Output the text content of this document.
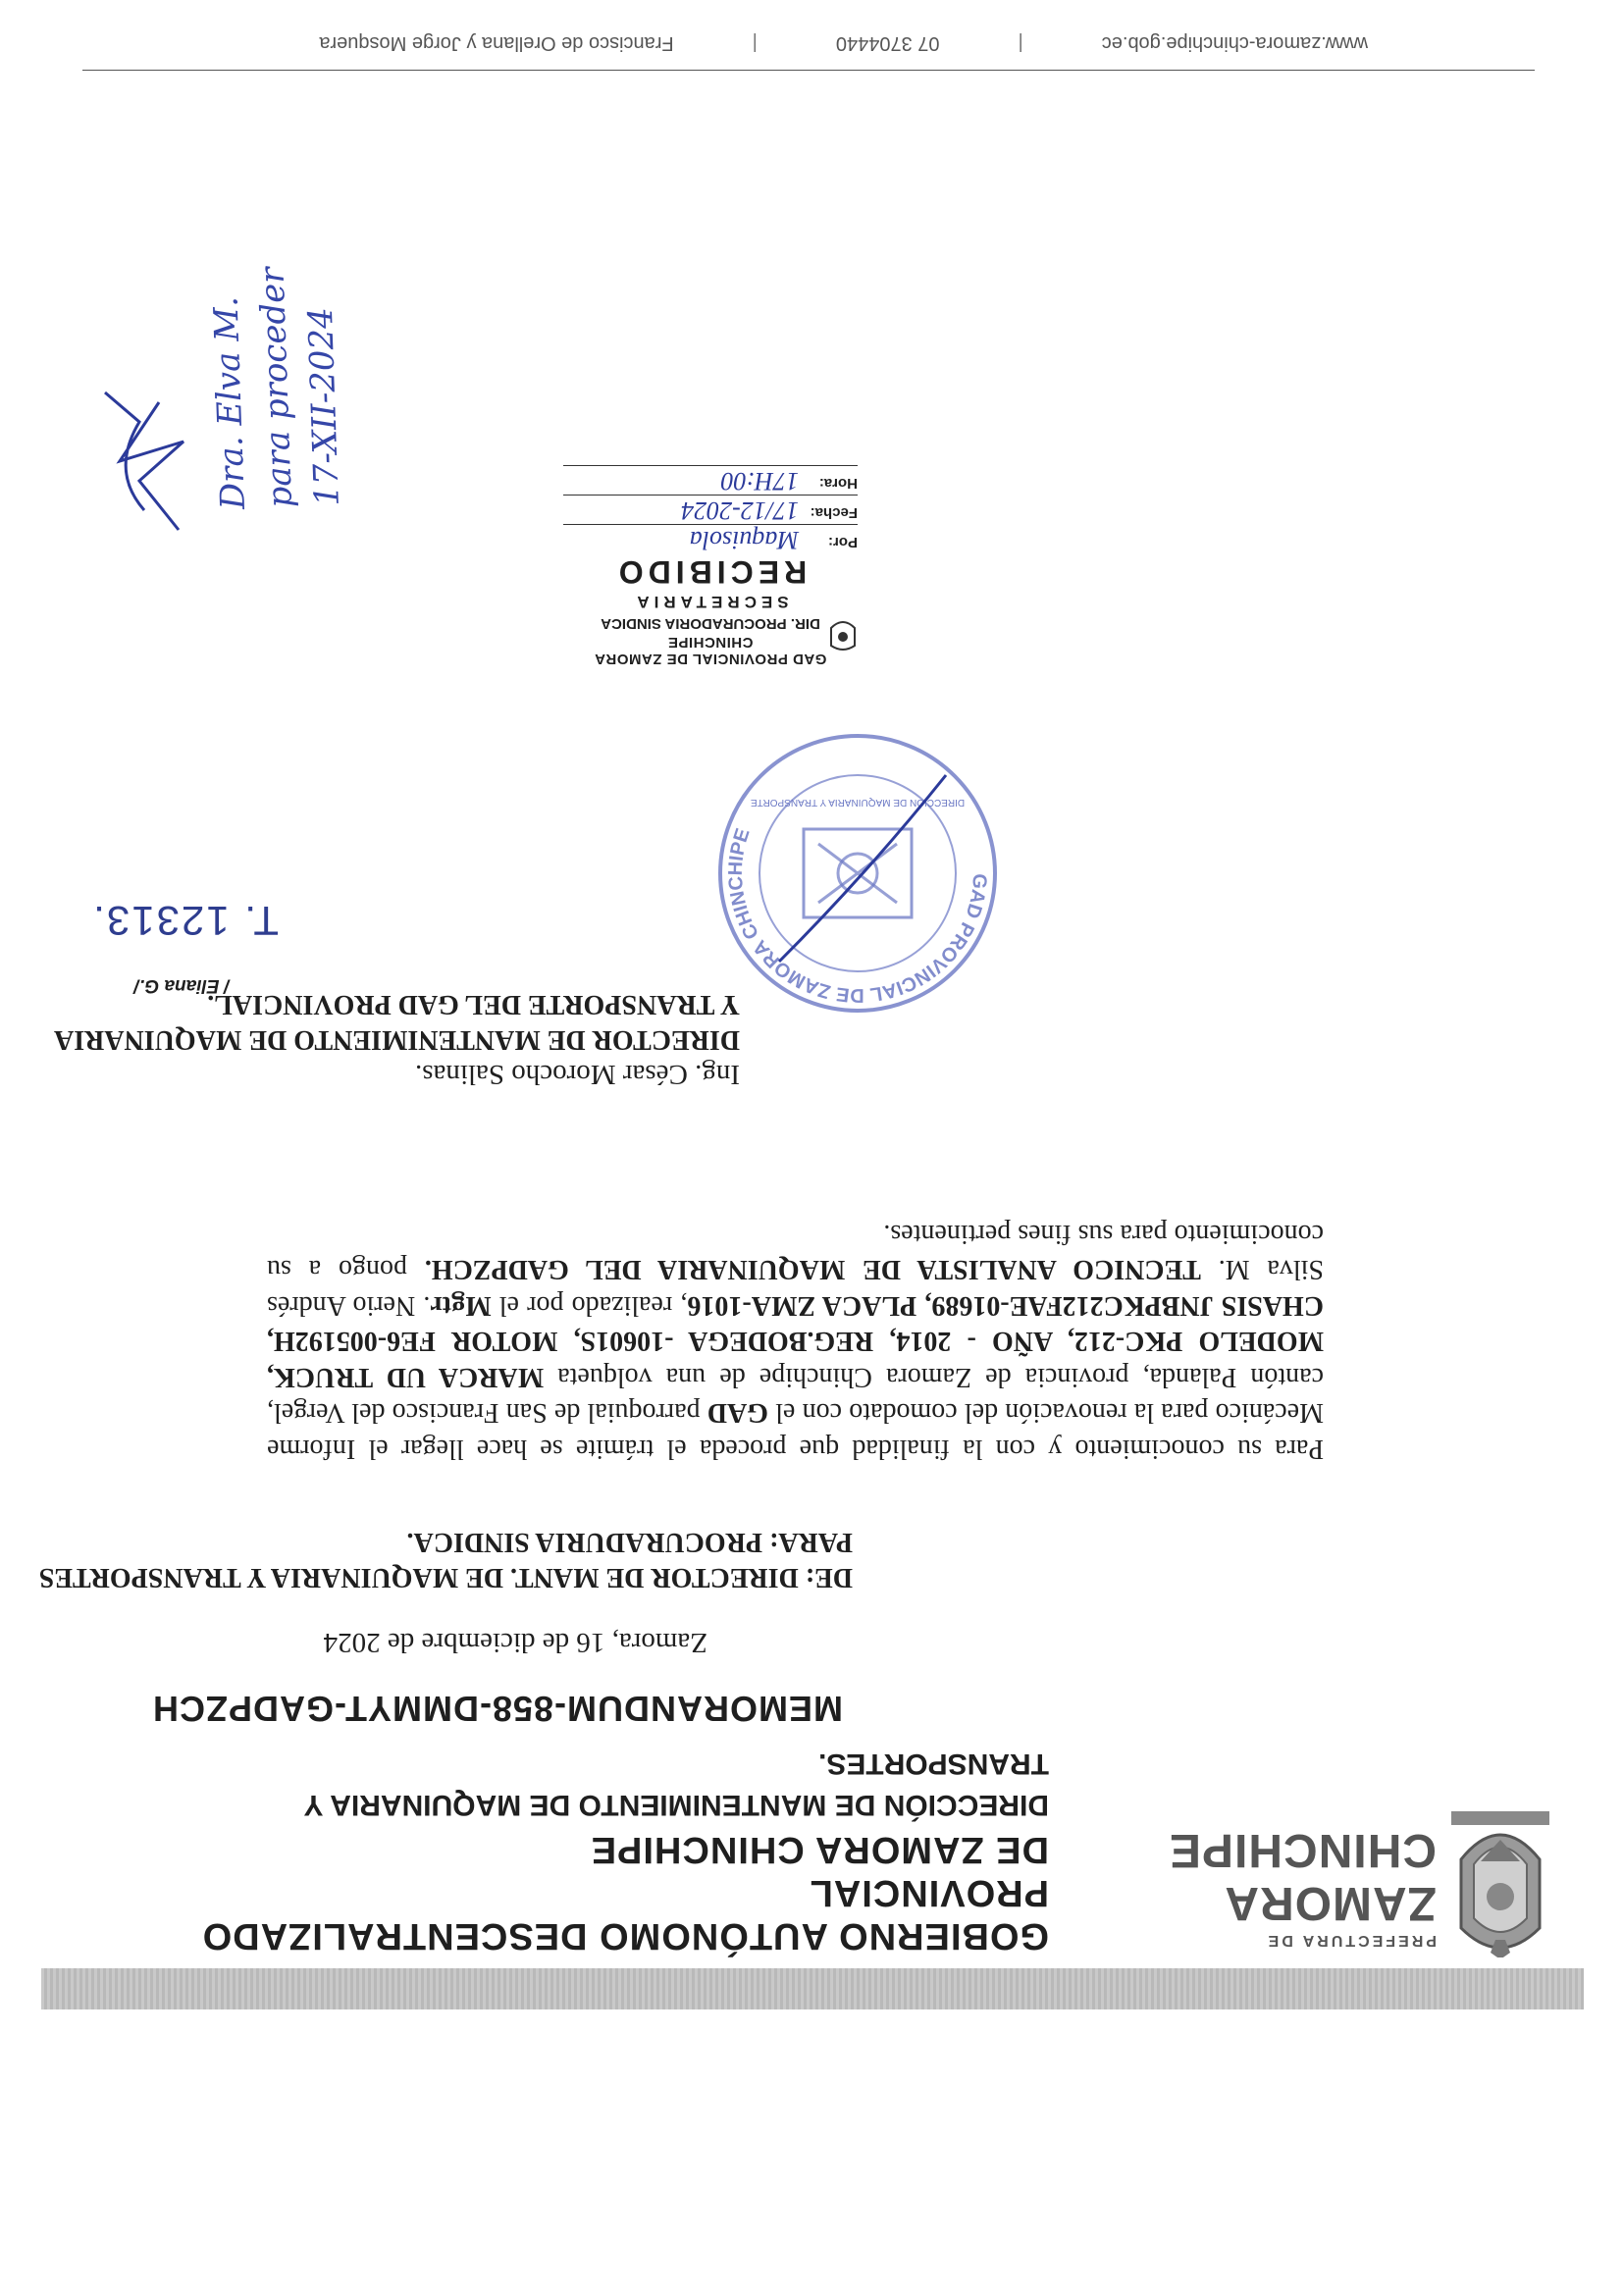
PREFECTURA DE
ZAMORA
CHINCHIPE
GOBIERNO AUTÓNOMO DESCENTRALIZADO PROVINCIAL
DE ZAMORA CHINCHIPE
DIRECCIÓN DE MANTENIMIENTO DE MAQUINARIA Y
TRANSPORTES.
MEMORANDUM-858-DMMYT-GADPZCH
Zamora, 16 de diciembre de 2024
DE: DIRECTOR DE MANT. DE MAQUINARIA Y TRANSPORTES
PARA: PROCURADURIA SINDICA.
Para su conocimiento y con la finalidad que proceda el trámite se hace llegar el Informe Mecánico para la renovación del comodato con el GAD parroquial de San Francisco del Vergel, cantón Palanda, provincia de Zamora Chinchipe de una volqueta MARCA UD TRUCK, MODELO PKC-212, AÑO - 2014, REG.BODEGA -10601S, MOTOR FE6-005192H, CHASIS JNBPKC212FAE-01689, PLACA ZMA-1016, realizado por el Mgtr. Nerio Andrés Silva M. TECNICO ANALISTA DE MAQUINARIA DEL GADPZCH. pongo a su conocimiento para sus fines pertinentes.
GAD PROVINCIAL DE ZAMORA CHINCHIPE
DIRECCIÓN DE MAQUINARIA Y TRANSPORTE
Ing. César Morocho Salinas.
DIRECTOR DE MANTENIMIENTO DE MAQUINARIA
Y TRANSPORTE DEL GAD PROVINCIAL.
/ Eliana G./
T. 12313.
GAD PROVINCIAL DE ZAMORA CHINCHIPE
DIR. PROCURADORIA SINDICA
SECRETARIA
RECIBIDO
Por:
Maquisola
Fecha:
17/12-2024
Hora:
17H:00
Dra. Elva M. para proceder 17-XII-2024
www.zamora-chinchipe.gob.ec
|
07 3704440
|
Francisco de Orellana y Jorge Mosquera
